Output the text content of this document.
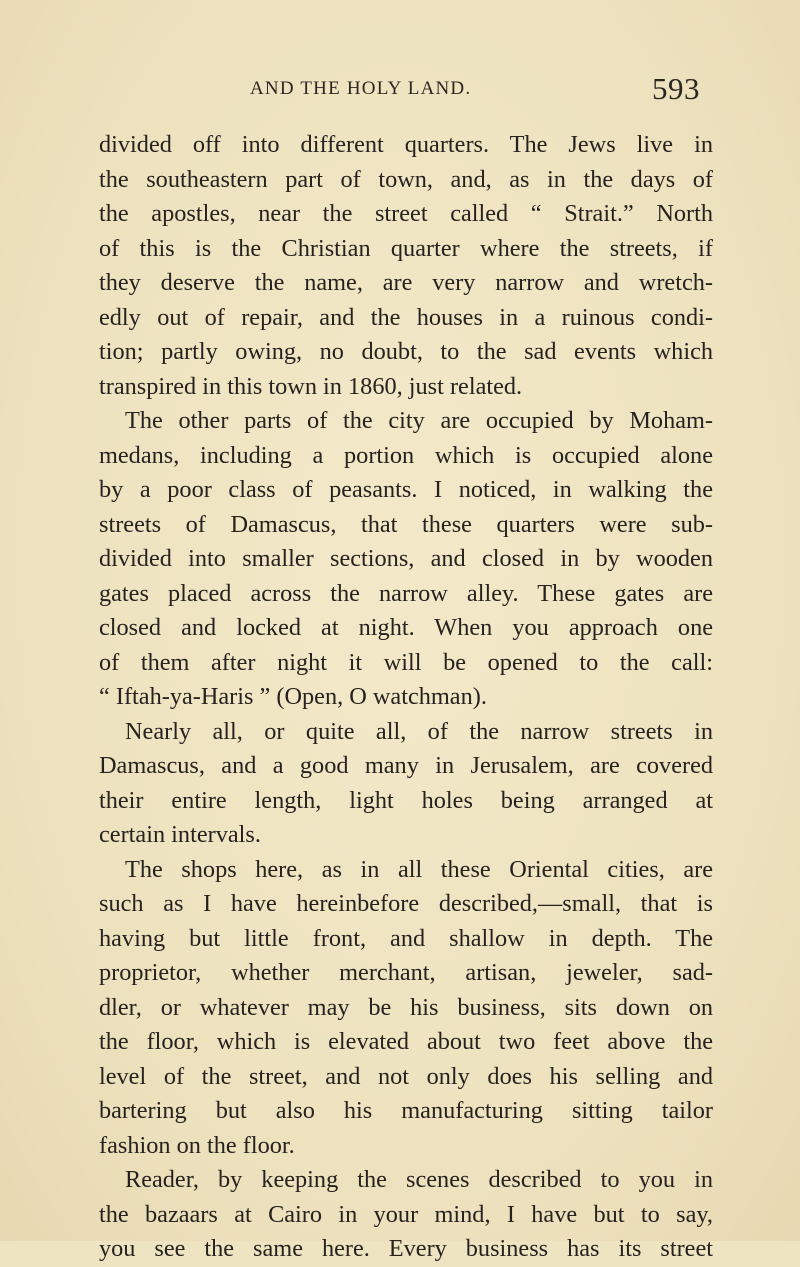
AND THE HOLY LAND.	593
divided off into different quarters. The Jews live in
the southeastern part of town, and, as in the days of
the apostles, near the street called “ Strait.” North
of this is the Christian quarter where the streets, if
they deserve the name, are very narrow and wretch-
edly out of repair, and the houses in a ruinous condi-
tion; partly owing, no doubt, to the sad events which
transpired in this town in 1860, just related.
The other parts of the city are occupied by Moham-
medans, including a portion which is occupied alone
by a poor class of peasants. I noticed, in walking the
streets of Damascus, that these quarters were sub-
divided into smaller sections, and closed in by wooden
gates placed across the narrow alley. These gates are
closed and locked at night. When you approach one
of them after night it will be opened to the call:
“ Iftah-ya-Haris ” (Open, O watchman).
Nearly all, or quite all, of the narrow streets in
Damascus, and a good many in Jerusalem, are covered
their entire length, light holes being arranged at
certain intervals.
The shops here, as in all these Oriental cities, are
such as I have hereinbefore described,—small, that is
having but little front, and shallow in depth. The
proprietor, whether merchant, artisan, jeweler, sad-
dler, or whatever may be his business, sits down on
the floor, which is elevated about two feet above the
level of the street, and not only does his selling and
bartering but also his manufacturing sitting tailor
fashion on the floor.
Reader, by keeping the scenes described to you in
the bazaars at Cairo in your mind, I have but to say,
you see the same here. Every business has its street
